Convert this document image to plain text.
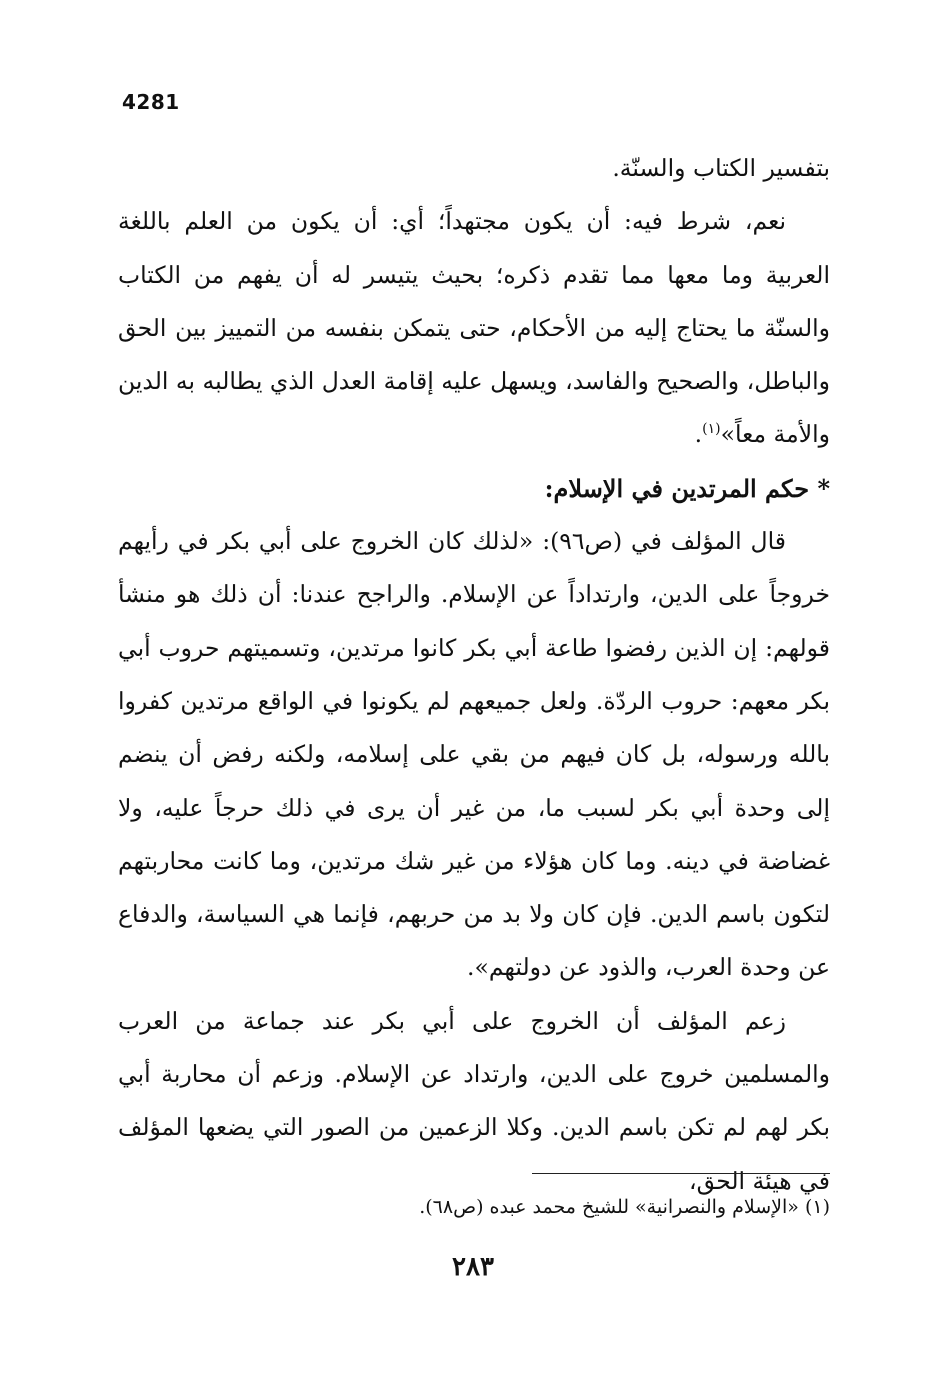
4281

بتفسير الكتاب والسنّة.

نعم، شرط فيه: أن يكون مجتهداً؛ أي: أن يكون من العلم باللغة العربية وما معها مما تقدم ذكره؛ بحيث يتيسر له أن يفهم من الكتاب والسنّة ما يحتاج إليه من الأحكام، حتى يتمكن بنفسه من التمييز بين الحق والباطل، والصحيح والفاسد، ويسهل عليه إقامة العدل الذي يطالبه به الدين والأمة معاً»$^{(١)}$.

* حكم المرتدين في الإسلام:

قال المؤلف في (ص٩٦): «لذلك كان الخروج على أبي بكر في رأيهم خروجاً على الدين، وارتداداً عن الإسلام. والراجح عندنا: أن ذلك هو منشأ قولهم: إن الذين رفضوا طاعة أبي بكر كانوا مرتدين، وتسميتهم حروب أبي بكر معهم: حروب الردّة. ولعل جميعهم لم يكونوا في الواقع مرتدين كفروا بالله ورسوله، بل كان فيهم من بقي على إسلامه، ولكنه رفض أن ينضم إلى وحدة أبي بكر لسبب ما، من غير أن يرى في ذلك حرجاً عليه، ولا غضاضة في دينه. وما كان هؤلاء من غير شك مرتدين، وما كانت محاربتهم لتكون باسم الدين. فإن كان ولا بد من حربهم، فإنما هي السياسة، والدفاع عن وحدة العرب، والذود عن دولتهم».

زعم المؤلف أن الخروج على أبي بكر عند جماعة من العرب والمسلمين خروج على الدين، وارتداد عن الإسلام. وزعم أن محاربة أبي بكر لهم لم تكن باسم الدين. وكلا الزعمين من الصور التي يضعها المؤلف في هيئة الحق،

(١) «الإسلام والنصرانية» للشيخ محمد عبده (ص٦٨).
٢٨٣
